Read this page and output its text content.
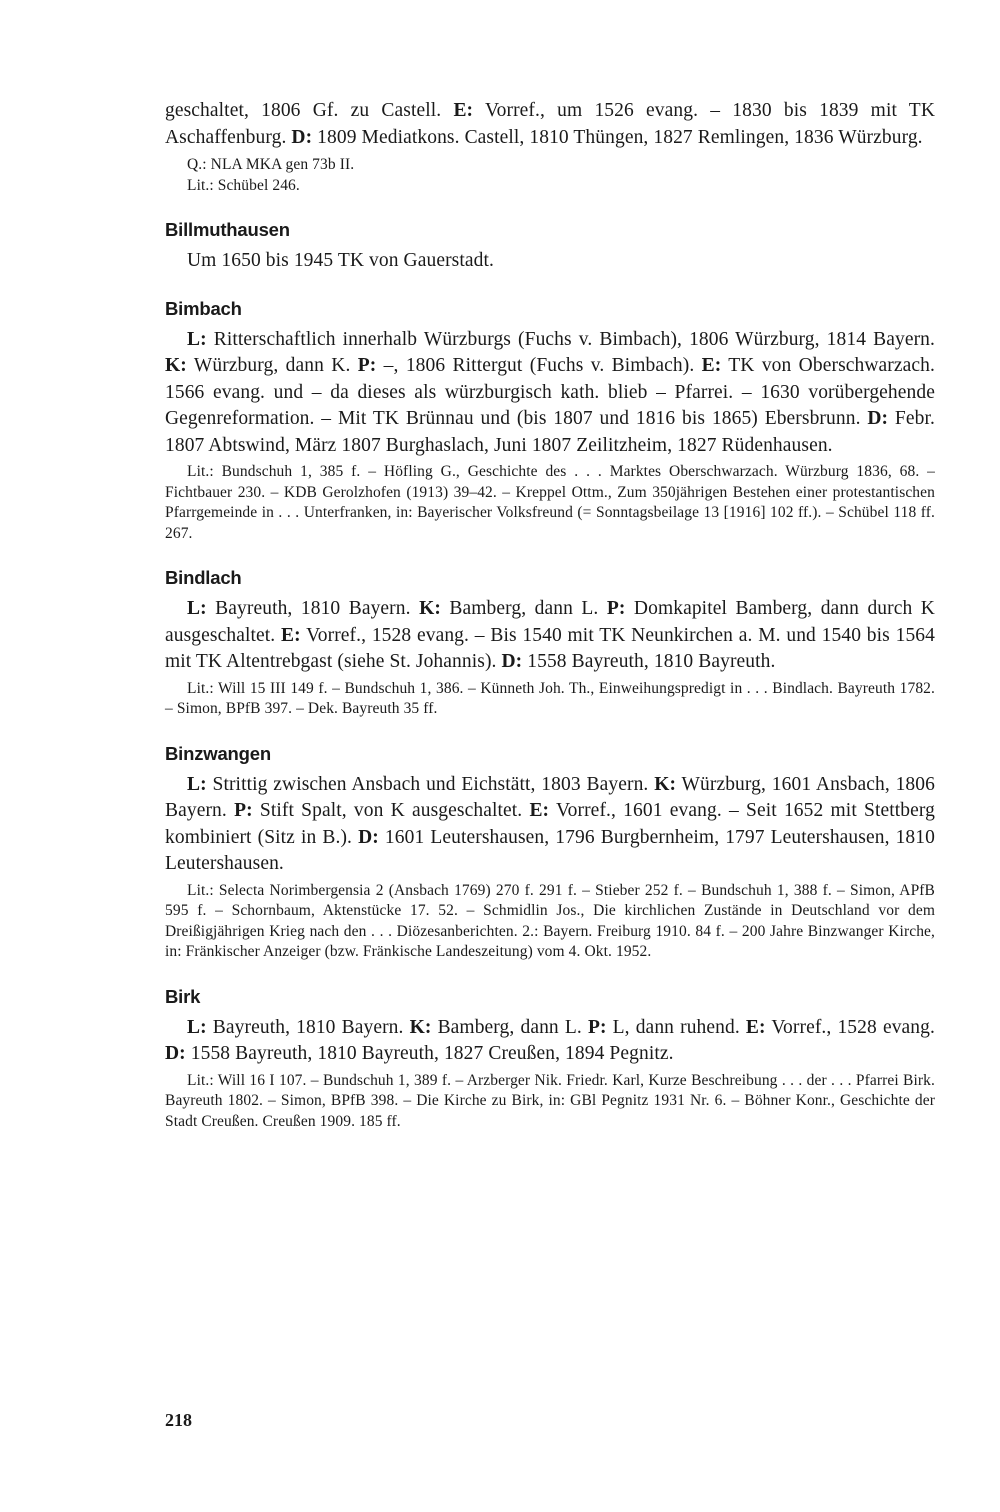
geschaltet, 1806 Gf. zu Castell. E: Vorref., um 1526 evang. – 1830 bis 1839 mit TK Aschaffenburg. D: 1809 Mediatkons. Castell, 1810 Thüngen, 1827 Remlingen, 1836 Würzburg.

Q.: NLA MKA gen 73b II.

Lit.: Schübel 246.

Billmuthausen

Um 1650 bis 1945 TK von Gauerstadt.

Bimbach

L: Ritterschaftlich innerhalb Würzburgs (Fuchs v. Bimbach), 1806 Würzburg, 1814 Bayern. K: Würzburg, dann K. P: –, 1806 Rittergut (Fuchs v. Bimbach). E: TK von Oberschwarzach. 1566 evang. und – da dieses als würzburgisch kath. blieb – Pfarrei. – 1630 vorübergehende Gegenreformation. – Mit TK Brünnau und (bis 1807 und 1816 bis 1865) Ebersbrunn. D: Febr. 1807 Abtswind, März 1807 Burghaslach, Juni 1807 Zeilitzheim, 1827 Rüdenhausen.

Lit.: Bundschuh 1, 385 f. – Höfling G., Geschichte des . . . Marktes Oberschwarzach. Würzburg 1836, 68. – Fichtbauer 230. – KDB Gerolzhofen (1913) 39–42. – Kreppel Ottm., Zum 350jährigen Bestehen einer protestantischen Pfarrgemeinde in . . . Unterfranken, in: Bayerischer Volksfreund (= Sonntagsbeilage 13 [1916] 102 ff.). – Schübel 118 ff. 267.

Bindlach

L: Bayreuth, 1810 Bayern. K: Bamberg, dann L. P: Domkapitel Bamberg, dann durch K ausgeschaltet. E: Vorref., 1528 evang. – Bis 1540 mit TK Neunkirchen a. M. und 1540 bis 1564 mit TK Altentrebgast (siehe St. Johannis). D: 1558 Bayreuth, 1810 Bayreuth.

Lit.: Will 15 III 149 f. – Bundschuh 1, 386. – Künneth Joh. Th., Einweihungspredigt in . . . Bindlach. Bayreuth 1782. – Simon, BPfB 397. – Dek. Bayreuth 35 ff.

Binzwangen

L: Strittig zwischen Ansbach und Eichstätt, 1803 Bayern. K: Würzburg, 1601 Ansbach, 1806 Bayern. P: Stift Spalt, von K ausgeschaltet. E: Vorref., 1601 evang. – Seit 1652 mit Stettberg kombiniert (Sitz in B.). D: 1601 Leutershausen, 1796 Burgbernheim, 1797 Leutershausen, 1810 Leutershausen.

Lit.: Selecta Norimbergensia 2 (Ansbach 1769) 270 f. 291 f. – Stieber 252 f. – Bundschuh 1, 388 f. – Simon, APfB 595 f. – Schornbaum, Aktenstücke 17. 52. – Schmidlin Jos., Die kirchlichen Zustände in Deutschland vor dem Dreißigjährigen Krieg nach den . . . Diözesanberichten. 2.: Bayern. Freiburg 1910. 84 f. – 200 Jahre Binzwanger Kirche, in: Fränkischer Anzeiger (bzw. Fränkische Landeszeitung) vom 4. Okt. 1952.

Birk

L: Bayreuth, 1810 Bayern. K: Bamberg, dann L. P: L, dann ruhend. E: Vorref., 1528 evang. D: 1558 Bayreuth, 1810 Bayreuth, 1827 Creußen, 1894 Pegnitz.

Lit.: Will 16 I 107. – Bundschuh 1, 389 f. – Arzberger Nik. Friedr. Karl, Kurze Beschreibung . . . der . . . Pfarrei Birk. Bayreuth 1802. – Simon, BPfB 398. – Die Kirche zu Birk, in: GBl Pegnitz 1931 Nr. 6. – Böhner Konr., Geschichte der Stadt Creußen. Creußen 1909. 185 ff.

218
